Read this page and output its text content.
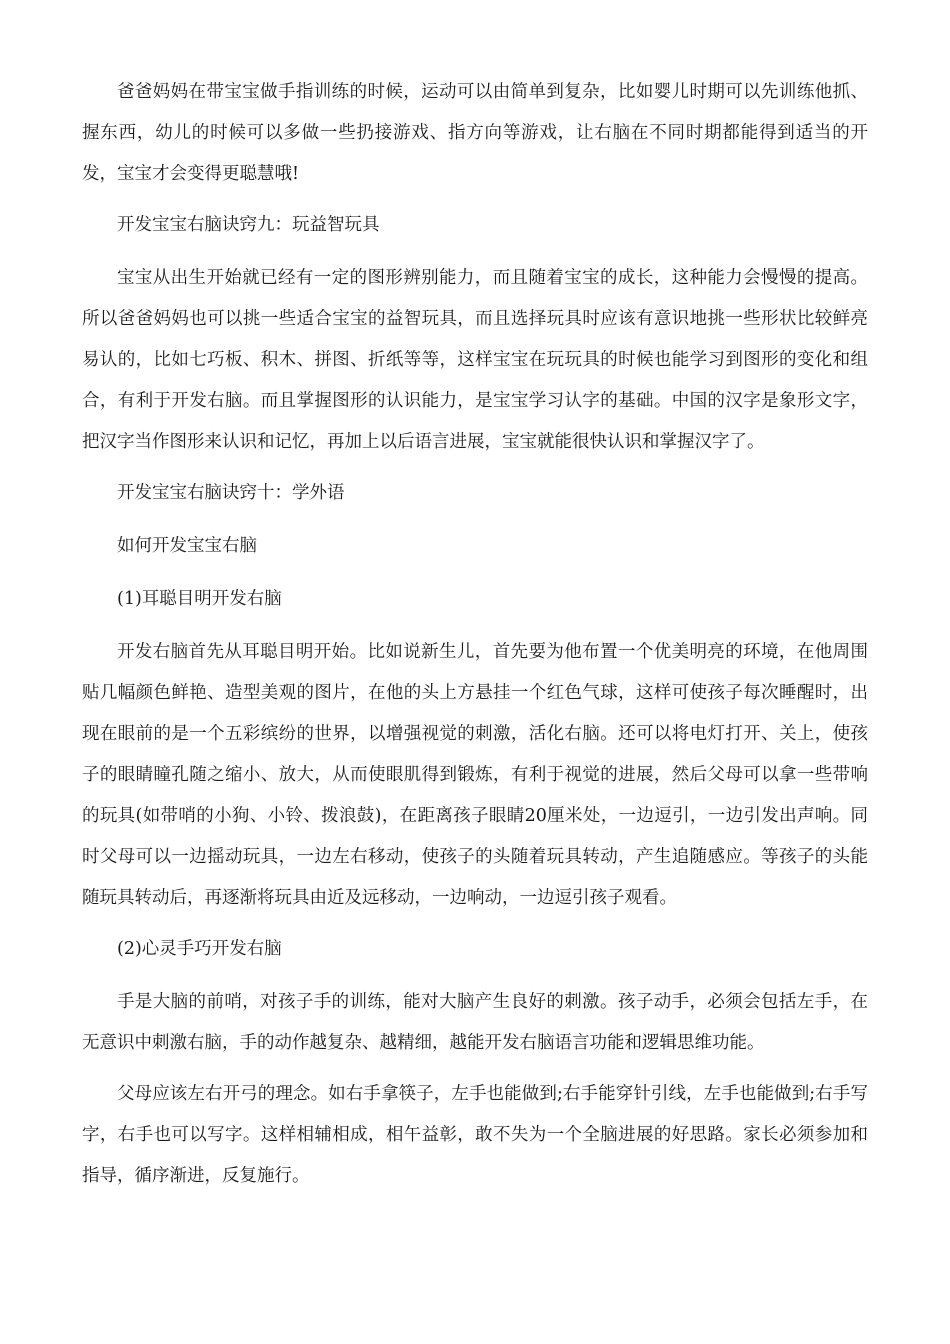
爸爸妈妈在带宝宝做手指训练的时候，运动可以由简单到复杂，比如婴儿时期可以先训练他抓、握东西，幼儿的时候可以多做一些扔接游戏、指方向等游戏，让右脑在不同时期都能得到适当的开发，宝宝才会变得更聪慧哦!

开发宝宝右脑诀窍九：玩益智玩具

宝宝从出生开始就已经有一定的图形辨别能力，而且随着宝宝的成长，这种能力会慢慢的提高。所以爸爸妈妈也可以挑一些适合宝宝的益智玩具，而且选择玩具时应该有意识地挑一些形状比较鲜亮易认的，比如七巧板、积木、拼图、折纸等等，这样宝宝在玩玩具的时候也能学习到图形的变化和组合，有利于开发右脑。而且掌握图形的认识能力，是宝宝学习认字的基础。中国的汉字是象形文字，把汉字当作图形来认识和记忆，再加上以后语言进展，宝宝就能很快认识和掌握汉字了。

开发宝宝右脑诀窍十：学外语

如何开发宝宝右脑

(1)耳聪目明开发右脑

开发右脑首先从耳聪目明开始。比如说新生儿，首先要为他布置一个优美明亮的环境，在他周围贴几幅颜色鲜艳、造型美观的图片，在他的头上方悬挂一个红色气球，这样可使孩子每次睡醒时，出现在眼前的是一个五彩缤纷的世界，以增强视觉的刺激，活化右脑。还可以将电灯打开、关上，使孩子的眼睛瞳孔随之缩小、放大，从而使眼肌得到锻炼，有利于视觉的进展，然后父母可以拿一些带响的玩具(如带哨的小狗、小铃、拨浪鼓)，在距离孩子眼睛20厘米处，一边逗引，一边引发出声响。同时父母可以一边摇动玩具，一边左右移动，使孩子的头随着玩具转动，产生追随感应。等孩子的头能随玩具转动后，再逐渐将玩具由近及远移动，一边响动，一边逗引孩子观看。

(2)心灵手巧开发右脑

手是大脑的前哨，对孩子手的训练，能对大脑产生良好的刺激。孩子动手，必须会包括左手，在无意识中刺激右脑，手的动作越复杂、越精细，越能开发右脑语言功能和逻辑思维功能。

父母应该左右开弓的理念。如右手拿筷子，左手也能做到;右手能穿针引线，左手也能做到;右手写字，右手也可以写字。这样相辅相成，相午益彰，敢不失为一个全脑进展的好思路。家长必须参加和指导，循序渐进，反复施行。
